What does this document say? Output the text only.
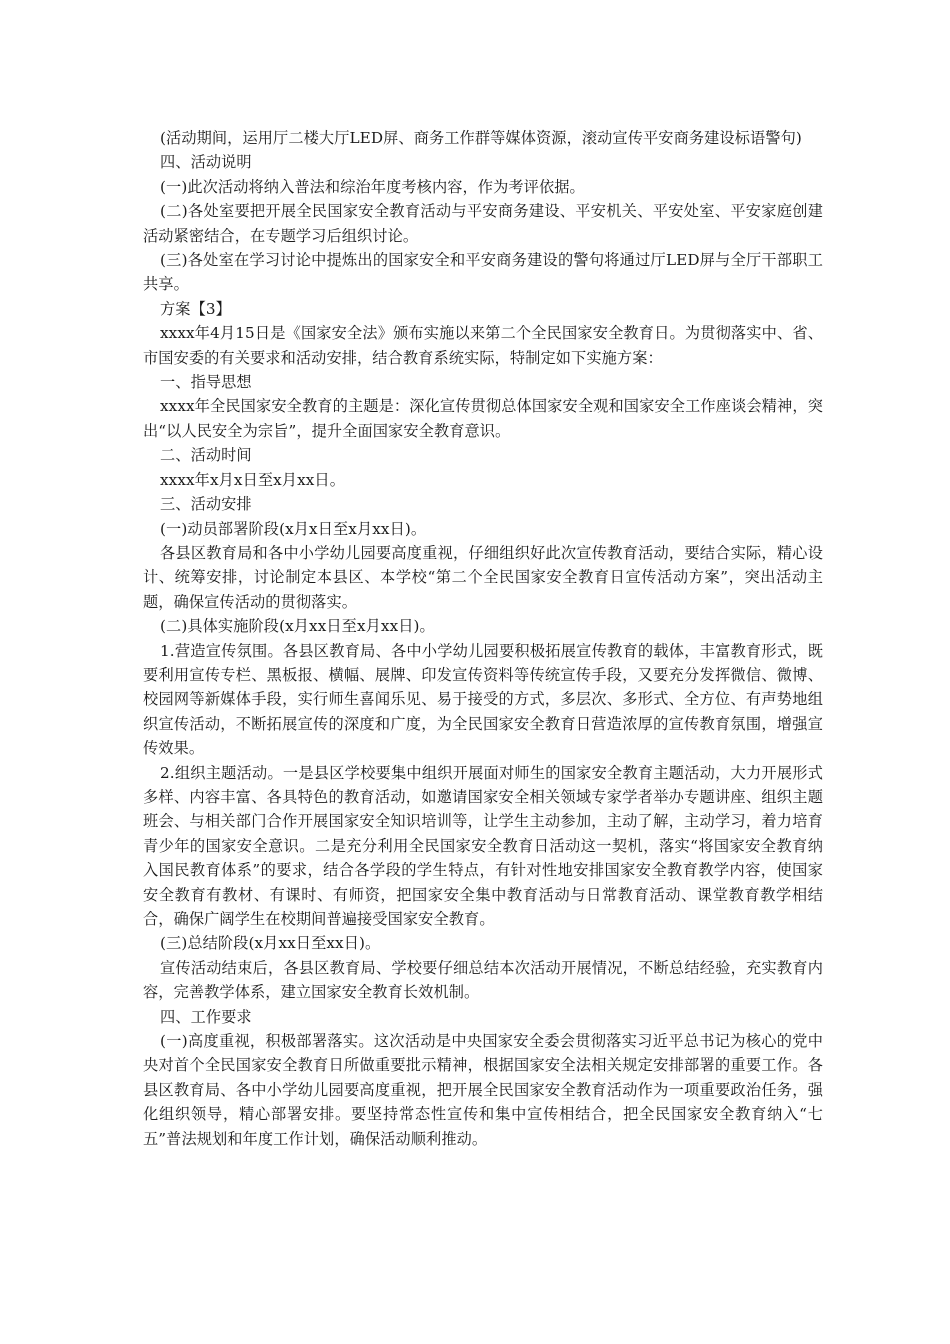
(活动期间，运用厅二楼大厅LED屏、商务工作群等媒体资源，滚动宣传平安商务建设标语警句)

四、活动说明

(一)此次活动将纳入普法和综治年度考核内容，作为考评依据。

(二)各处室要把开展全民国家安全教育活动与平安商务建设、平安机关、平安处室、平安家庭创建活动紧密结合，在专题学习后组织讨论。

(三)各处室在学习讨论中提炼出的国家安全和平安商务建设的警句将通过厅LED屏与全厅干部职工共享。

方案【3】

xxxx年4月15日是《国家安全法》颁布实施以来第二个全民国家安全教育日。为贯彻落实中、省、市国安委的有关要求和活动安排，结合教育系统实际，特制定如下实施方案：

一、指导思想

xxxx年全民国家安全教育的主题是：深化宣传贯彻总体国家安全观和国家安全工作座谈会精神，突出“以人民安全为宗旨”，提升全面国家安全教育意识。

二、活动时间

xxxx年x月x日至x月xx日。

三、活动安排

(一)动员部署阶段(x月x日至x月xx日)。

各县区教育局和各中小学幼儿园要高度重视，仔细组织好此次宣传教育活动，要结合实际，精心设计、统筹安排，讨论制定本县区、本学校“第二个全民国家安全教育日宣传活动方案”，突出活动主题，确保宣传活动的贯彻落实。

(二)具体实施阶段(x月xx日至x月xx日)。

1.营造宣传氛围。各县区教育局、各中小学幼儿园要积极拓展宣传教育的载体，丰富教育形式，既要利用宣传专栏、黑板报、横幅、展牌、印发宣传资料等传统宣传手段，又要充分发挥微信、微博、校园网等新媒体手段，实行师生喜闻乐见、易于接受的方式，多层次、多形式、全方位、有声势地组织宣传活动，不断拓展宣传的深度和广度，为全民国家安全教育日营造浓厚的宣传教育氛围，增强宣传效果。

2.组织主题活动。一是县区学校要集中组织开展面对师生的国家安全教育主题活动，大力开展形式多样、内容丰富、各具特色的教育活动，如邀请国家安全相关领域专家学者举办专题讲座、组织主题班会、与相关部门合作开展国家安全知识培训等，让学生主动参加，主动了解，主动学习，着力培育青少年的国家安全意识。二是充分利用全民国家安全教育日活动这一契机，落实“将国家安全教育纳入国民教育体系”的要求，结合各学段的学生特点，有针对性地安排国家安全教育教学内容，使国家安全教育有教材、有课时、有师资，把国家安全集中教育活动与日常教育活动、课堂教育教学相结合，确保广阔学生在校期间普遍接受国家安全教育。

(三)总结阶段(x月xx日至xx日)。

宣传活动结束后，各县区教育局、学校要仔细总结本次活动开展情况，不断总结经验，充实教育内容，完善教学体系，建立国家安全教育长效机制。

四、工作要求

(一)高度重视，积极部署落实。这次活动是中央国家安全委会贯彻落实习近平总书记为核心的党中央对首个全民国家安全教育日所做重要批示精神，根据国家安全法相关规定安排部署的重要工作。各县区教育局、各中小学幼儿园要高度重视，把开展全民国家安全教育活动作为一项重要政治任务，强化组织领导，精心部署安排。要坚持常态性宣传和集中宣传相结合，把全民国家安全教育纳入“七五”普法规划和年度工作计划，确保活动顺利推动。
